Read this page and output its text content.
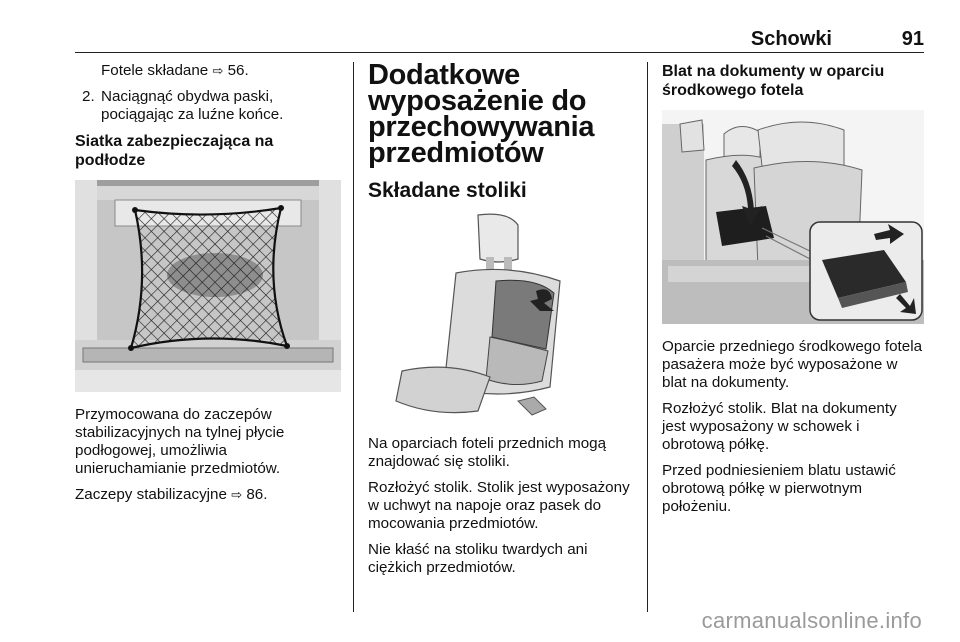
Schowki	91

Fotele składane ⇨ 56.

2. Naciągnąć obydwa paski, pociągając za luźne końce.
Siatka zabezpieczająca na podłodze

Przymocowana do zaczepów stabilizacyjnych na tylnej płycie podłogowej, umożliwia unieruchamianie przedmiotów.

Zaczepy stabilizacyjne ⇨ 86.

Dodatkowe
wyposażenie do
przechowywania
przedmiotów
Składane stoliki

Na oparciach foteli przednich mogą znajdować się stoliki.

Rozłożyć stolik. Stolik jest wyposażony w uchwyt na napoje oraz pasek do mocowania przedmiotów.

Nie kłaść na stoliku twardych ani ciężkich przedmiotów.

Blat na dokumenty w oparciu środkowego fotela

Oparcie przedniego środkowego fotela pasażera może być wyposażone w blat na dokumenty.

Rozłożyć stolik. Blat na dokumenty jest wyposażony w schowek i obrotową półkę.

Przed podniesieniem blatu ustawić obrotową półkę w pierwotnym położeniu.

carmanualsonline.info
